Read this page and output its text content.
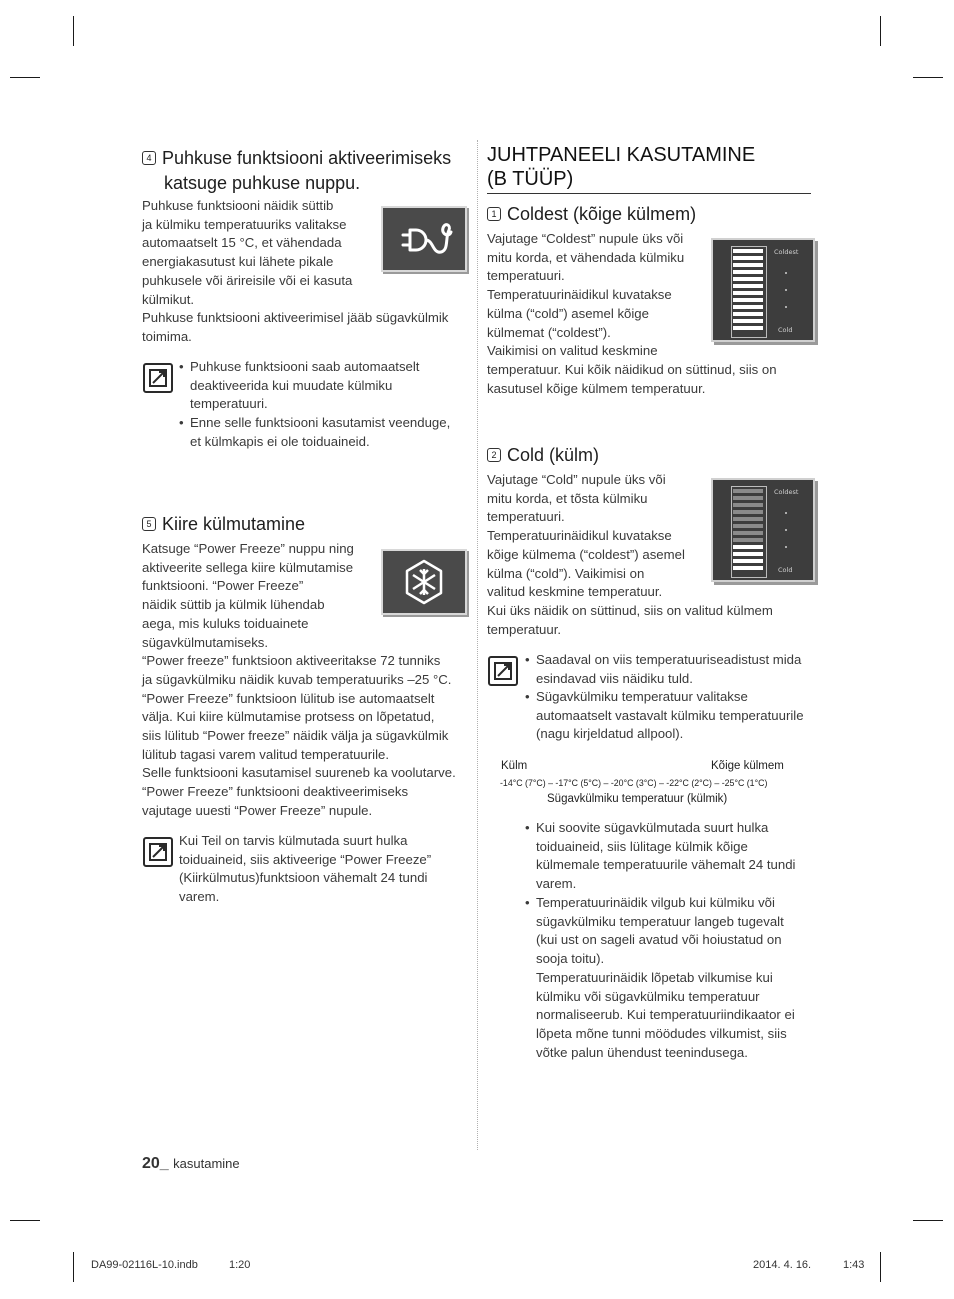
4 Puhkuse funktsiooni aktiveerimiseks
katsuge puhkuse nuppu.
Puhkuse funktsiooni näidik süttib
ja külmiku temperatuuriks valitakse
automaatselt 15 °C, et vähendada
energiakasutust kui lähete pikale
puhkusele või ärireisile või ei kasuta
külmikut.
Puhkuse funktsiooni aktiveerimisel jääb sügavkülmik
toimima.
• Puhkuse funktsiooni saab automaatselt
deaktiveerida kui muudate külmiku
temperatuuri.
• Enne selle funktsiooni kasutamist veenduge,
et külmkapis ei ole toiduaineid.
5 Kiire külmutamine
Katsuge “Power Freeze” nuppu ning
aktiveerite sellega kiire külmutamise
funktsiooni. “Power Freeze”
näidik süttib ja külmik lühendab
aega, mis kuluks toiduainete
sügavkülmutamiseks.
“Power freeze” funktsioon aktiveeritakse 72 tunniks
ja sügavkülmiku näidik kuvab temperatuuriks –25 °C.
“Power Freeze” funktsioon lülitub ise automaatselt
välja. Kui kiire külmutamise protsess on lõpetatud,
siis lülitub “Power freeze” näidik välja ja sügavkülmik
lülitub tagasi varem valitud temperatuurile.
Selle funktsiooni kasutamisel suureneb ka voolutarve.
“Power Freeze” funktsiooni deaktiveerimiseks
vajutage uuesti “Power Freeze” nupule.
Kui Teil on tarvis külmutada suurt hulka
toiduaineid, siis aktiveerige “Power Freeze”
(Kiirkülmutus)funktsioon vähemalt 24 tundi
varem.
JUHTPANEELI KASUTAMINE
(B TÜÜP)
1 Coldest (kõige külmem)
Vajutage “Coldest” nupule üks või
mitu korda, et vähendada külmiku
temperatuuri.
Temperatuurinäidikul kuvatakse
külma (“cold”) asemel kõige
külmemat (“coldest”).
Vaikimisi on valitud keskmine
temperatuur. Kui kõik näidikud on süttinud, siis on
kasutusel kõige külmem temperatuur.
Coldest
Cold
2 Cold (külm)
Vajutage “Cold” nupule üks või
mitu korda, et tõsta külmiku
temperatuuri.
Temperatuurinäidikul kuvatakse
kõige külmema (“coldest”) asemel
külma (“cold”). Vaikimisi on
valitud keskmine temperatuur.
Kui üks näidik on süttinud, siis on valitud külmem
temperatuur.
Coldest
Cold
• Saadaval on viis temperatuuriseadistust mida
esindavad viis näidiku tuld.
• Sügavkülmiku temperatuur valitakse
automaatselt vastavalt külmiku temperatuurile
(nagu kirjeldatud allpool).
Külm	Kõige külmem
-14°C (7°C) – -17°C (5°C) – -20°C (3°C) – -22°C (2°C) – -25°C (1°C)
Sügavkülmiku temperatuur (külmik)
• Kui soovite sügavkülmutada suurt hulka
toiduaineid, siis lülitage külmik kõige
külmemale temperatuurile vähemalt 24 tundi
varem.
• Temperatuurinäidik vilgub kui külmiku või
sügavkülmiku temperatuur langeb tugevalt
(kui ust on sageli avatud või hoiustatud on
sooja toitu).
Temperatuurinäidik lõpetab vilkumise kui
külmiku või sügavkülmiku temperatuur
normaliseerub. Kui temperatuuriindikaator ei
lõpeta mõne tunni möödudes vilkumist, siis
võtke palun ühendust teenindusega.
20_ kasutamine
DA99-02116L-10.indb	1:20	2014. 4. 16.	1:43
